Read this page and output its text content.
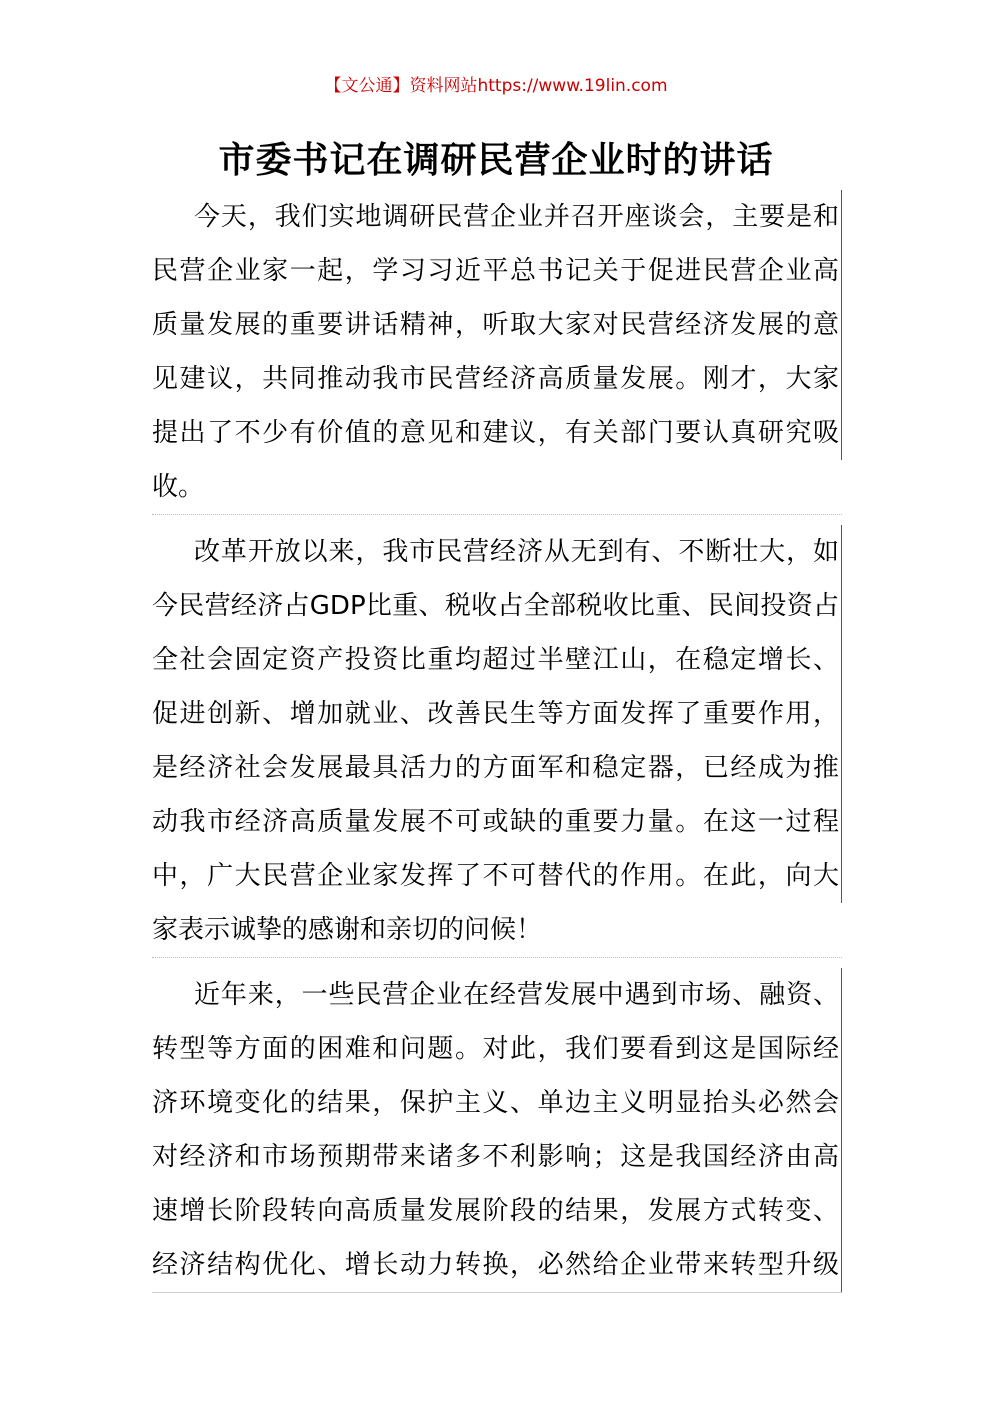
【文公通】资料网站https://www.19lin.com
市委书记在调研民营企业时的讲话
今天，我们实地调研民营企业并召开座谈会，主要是和
民营企业家一起，学习习近平总书记关于促进民营企业高
质量发展的重要讲话精神，听取大家对民营经济发展的意
见建议，共同推动我市民营经济高质量发展。刚才，大家
提出了不少有价值的意见和建议，有关部门要认真研究吸
收。
改革开放以来，我市民营经济从无到有、不断壮大，如
今民营经济占GDP比重、税收占全部税收比重、民间投资占
全社会固定资产投资比重均超过半壁江山，在稳定增长、
促进创新、增加就业、改善民生等方面发挥了重要作用，
是经济社会发展最具活力的方面军和稳定器，已经成为推
动我市经济高质量发展不可或缺的重要力量。在这一过程
中，广大民营企业家发挥了不可替代的作用。在此，向大
家表示诚挚的感谢和亲切的问候！
近年来，一些民营企业在经营发展中遇到市场、融资、
转型等方面的困难和问题。对此，我们要看到这是国际经
济环境变化的结果，保护主义、单边主义明显抬头必然会
对经济和市场预期带来诸多不利影响；这是我国经济由高
速增长阶段转向高质量发展阶段的结果，发展方式转变、
经济结构优化、增长动力转换，必然给企业带来转型升级
